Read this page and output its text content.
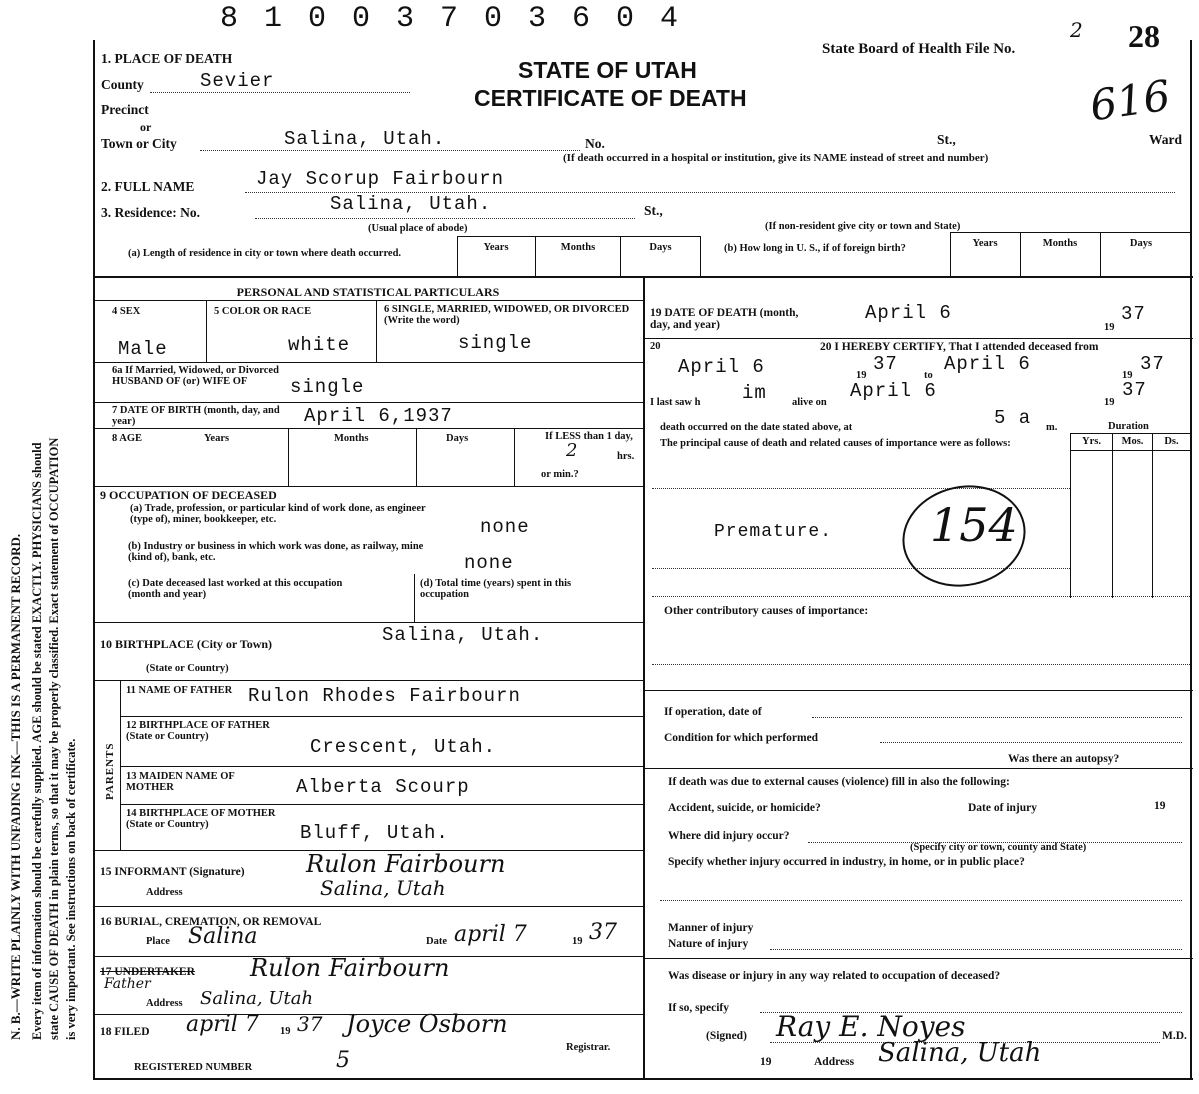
N. B.—WRITE PLAINLY WITH UNFADING INK—THIS IS A PERMANENT RECORD. Every item of information should be carefully supplied. AGE should be stated EXACTLY. PHYSICIANS should state CAUSE OF DEATH in plain terms, so that it may be properly classified. Exact statement of OCCUPATION is very important. See instructions on back of certificate.
8 1 0 0 3 7 0 3 6 0 4
State Board of Health File No.
2 28
616
STATE OF UTAH
CERTIFICATE OF DEATH
1. PLACE OF DEATH
County	Sevier
Precinct
or
Town or City	Salina, Utah.	No.	St.,	Ward
(If death occurred in a hospital or institution, give its NAME instead of street and number)
2. FULL NAME	Jay Scorup Fairbourn
3. Residence: No.	Salina, Utah.	St.,
(Usual place of abode)	(If non-resident give city or town and State)
(a) Length of residence in city or town where death occurred.
Years	Months	Days	(b) How long in U. S., if of foreign birth?	Years	Months	Days
PERSONAL AND STATISTICAL PARTICULARS
4 SEX
Male
5 COLOR OR RACE
white
6 SINGLE, MARRIED, WIDOWED, OR DIVORCED (Write the word)
single
6a If Married, Widowed, or Divorced HUSBAND OF (or) WIFE OF	single
7 DATE OF BIRTH (month, day, and year)	April 6,1937
8 AGE	Years	Months	Days	If LESS than 1 day,
2	hrs.
or min.?
9 OCCUPATION OF DECEASED
(a) Trade, profession, or particular kind of work done, as engineer (type of), miner, bookkeeper, etc.	none
(b) Industry or business in which work was done, as railway, mine (kind of), bank, etc.	none
(c) Date deceased last worked at this occupation (month and year)
(d) Total time (years) spent in this occupation
10 BIRTHPLACE (City or Town)	Salina, Utah.
(State or Country)
PARENTS
11 NAME OF FATHER Rulon Rhodes Fairbourn
12 BIRTHPLACE OF FATHER (State or Country)	Crescent, Utah.
13 MAIDEN NAME OF MOTHER	Alberta Scourp
14 BIRTHPLACE OF MOTHER (State or Country)	Bluff, Utah.
15 INFORMANT (Signature)	Rulon Fairbourn
Address	Salina, Utah
16 BURIAL, CREMATION, OR REMOVAL
Place Salina	Date april 7	19 37
17 UNDERTAKER Rulon Fairbourn
Father
Address Salina, Utah
18 FILED april 7 19 37 Joyce Osborn
Registrar.
REGISTERED NUMBER	5
19 DATE OF DEATH (month, day, and year)
April 6
19
37
20	20 I HEREBY CERTIFY, That I attended deceased from
April 6	19
37
to
April 6
19
37
I last saw h im alive on
April 6
19
37
death occurred on the date stated above, at	5 a m.	Duration
The principal cause of death and related causes of importance were as follows:	Yrs.	Mos.	Ds.
Premature. 154
Other contributory causes of importance:
If operation, date of
Condition for which performed
Was there an autopsy?
If death was due to external causes (violence) fill in also the following:
Accident, suicide, or homicide?	Date of injury	19
Where did injury occur?
(Specify city or town, county and State)
Specify whether injury occurred in industry, in home, or in public place?
Manner of injury
Nature of injury
Was disease or injury in any way related to occupation of deceased?
If so, specify
(Signed) Ray E. Noyes	M.D.
19	Address Salina, Utah
